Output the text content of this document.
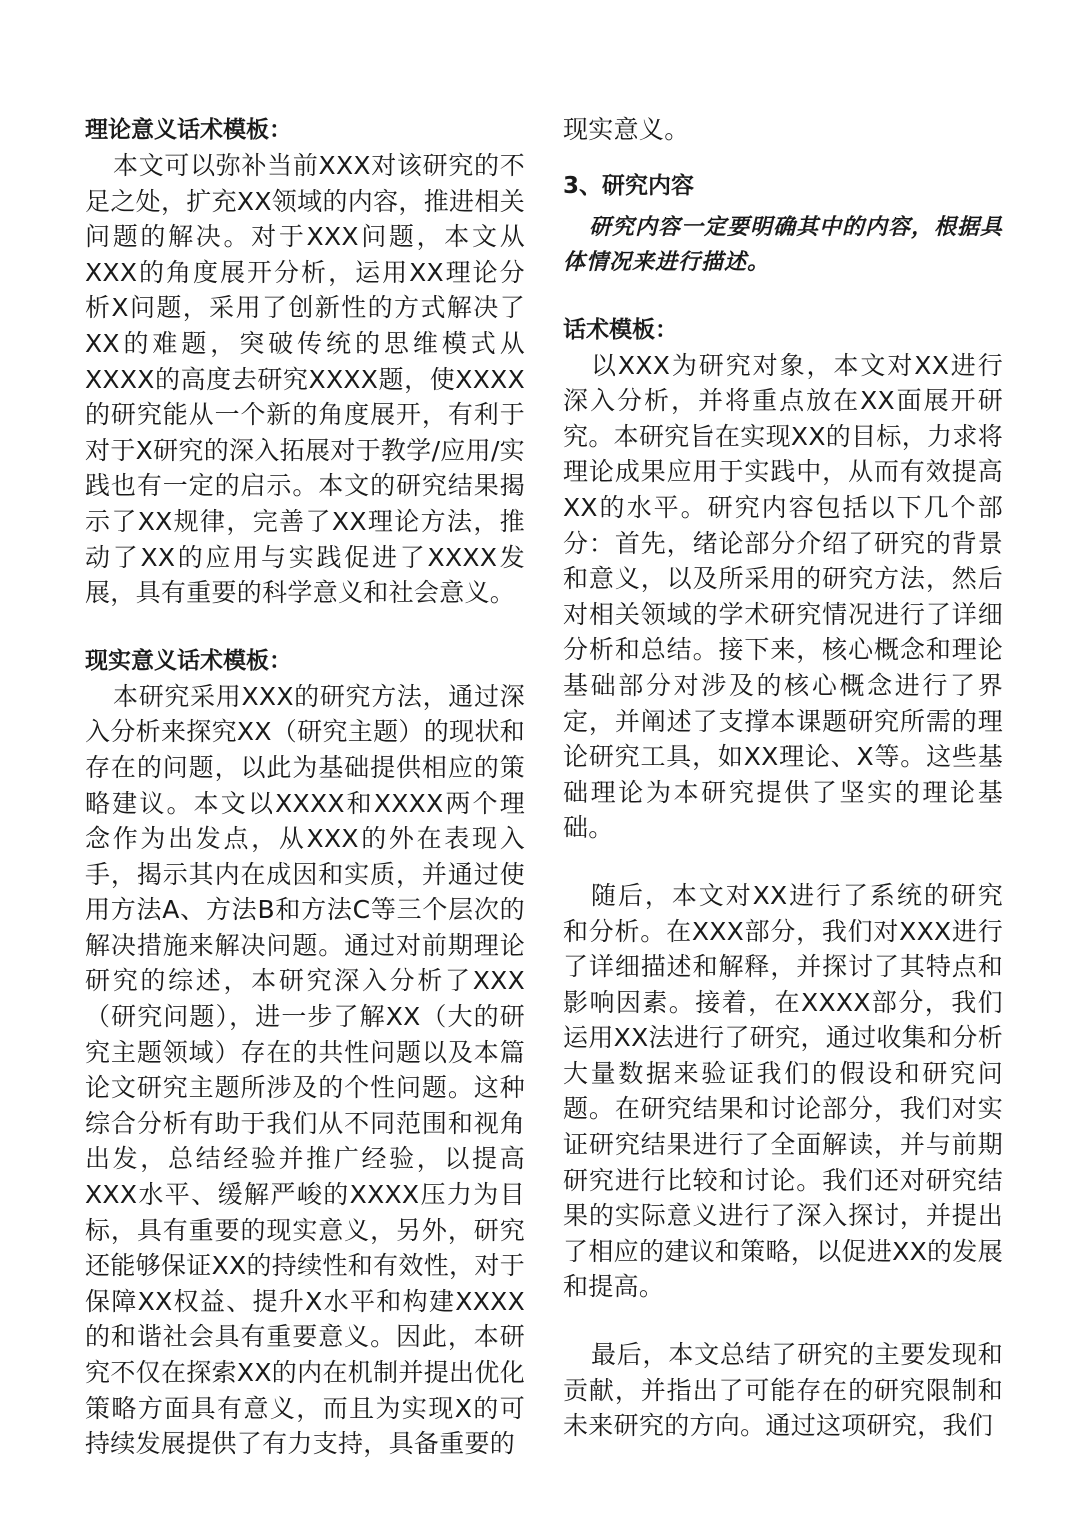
理论意义话术模板：

本文可以弥补当前XXX对该研究的不足之处，扩充XX领域的内容，推进相关问题的解决。对于XXX问题，本文从XXX的角度展开分析，运用XX理论分析X问题，采用了创新性的方式解决了XX的难题，突破传统的思维模式从XXXX的高度去研究XXXX题，使XXXX的研究能从一个新的角度展开，有利于对于X研究的深入拓展对于教学/应用/实践也有一定的启示。本文的研究结果揭示了XX规律，完善了XX理论方法，推动了XX的应用与实践促进了XXXX发展，具有重要的科学意义和社会意义。

现实意义话术模板：

本研究采用XXX的研究方法，通过深入分析来探究XX（研究主题）的现状和存在的问题，以此为基础提供相应的策略建议。本文以XXXX和XXXX两个理念作为出发点，从XXX的外在表现入手，揭示其内在成因和实质，并通过使用方法A、方法B和方法C等三个层次的解决措施来解决问题。通过对前期理论研究的综述，本研究深入分析了XXX（研究问题），进一步了解XX（大的研究主题领域）存在的共性问题以及本篇论文研究主题所涉及的个性问题。这种综合分析有助于我们从不同范围和视角出发，总结经验并推广经验，以提高XXX水平、缓解严峻的XXXX压力为目标，具有重要的现实意义，另外，研究还能够保证XX的持续性和有效性，对于保障XX权益、提升X水平和构建XXXX的和谐社会具有重要意义。因此，本研究不仅在探索XX的内在机制并提出优化策略方面具有意义，而且为实现X的可持续发展提供了有力支持，具备重要的

现实意义。

3、研究内容

研究内容一定要明确其中的内容，根据具体情况来进行描述。

话术模板：

以XXX为研究对象，本文对XX进行深入分析，并将重点放在XX面展开研究。本研究旨在实现XX的目标，力求将理论成果应用于实践中，从而有效提高XX的水平。研究内容包括以下几个部分：首先，绪论部分介绍了研究的背景和意义，以及所采用的研究方法，然后对相关领域的学术研究情况进行了详细分析和总结。接下来，核心概念和理论基础部分对涉及的核心概念进行了界定，并阐述了支撑本课题研究所需的理论研究工具，如XX理论、X等。这些基础理论为本研究提供了坚实的理论基础。

随后，本文对XX进行了系统的研究和分析。在XXX部分，我们对XXX进行了详细描述和解释，并探讨了其特点和影响因素。接着，在XXXX部分，我们运用XX法进行了研究，通过收集和分析大量数据来验证我们的假设和研究问题。在研究结果和讨论部分，我们对实证研究结果进行了全面解读，并与前期研究进行比较和讨论。我们还对研究结果的实际意义进行了深入探讨，并提出了相应的建议和策略，以促进XX的发展和提高。

最后，本文总结了研究的主要发现和贡献，并指出了可能存在的研究限制和未来研究的方向。通过这项研究，我们
